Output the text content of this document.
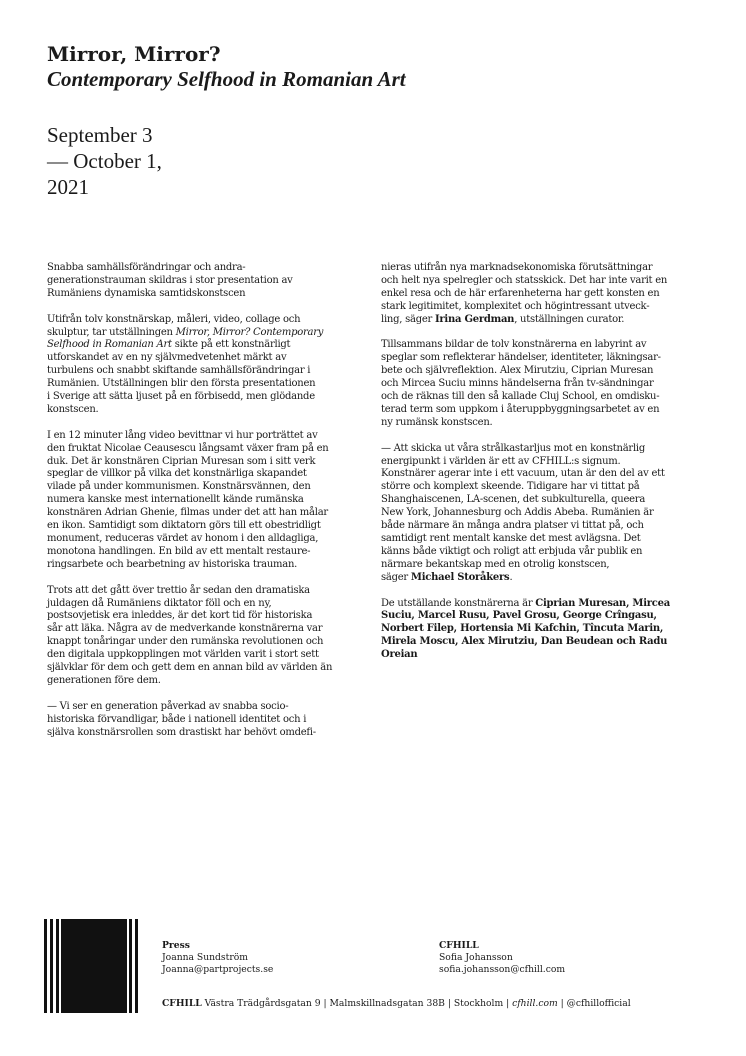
Mirror, Mirror?
Contemporary Selfhood in Romanian Art
September 3
— October 1,
2021

Snabba samhällsförändringar och andra-
generationstrauman skildras i stor presentation av
Rumäniens dynamiska samtidskonstscen

Utifrån tolv konstnärskap, måleri, video, collage och
skulptur, tar utställningen Mirror, Mirror? Contemporary
Selfhood in Romanian Art sikte på ett konstnärligt
utforskandet av en ny självmedvetenhet märkt av
turbulens och snabbt skiftande samhällsförändringar i
Rumänien. Utställningen blir den första presentationen
i Sverige att sätta ljuset på en förbisedd, men glödande
konstscen.

I en 12 minuter lång video bevittnar vi hur porträttet av
den fruktat Nicolae Ceausescu långsamt växer fram på en
duk. Det är konstnären Ciprian Muresan som i sitt verk
speglar de villkor på vilka det konstnärliga skapandet
vilade på under kommunismen. Konstnärsvännen, den
numera kanske mest internationellt kände rumänska
konstnären Adrian Ghenie, filmas under det att han målar
en ikon. Samtidigt som diktatorn görs till ett obestridligt
monument, reduceras värdet av honom i den alldagliga,
monotona handlingen. En bild av ett mentalt restaure-
ringsarbete och bearbetning av historiska trauman.

Trots att det gått över trettio år sedan den dramatiska
juldagen då Rumäniens diktator föll och en ny,
postsovjetisk era inleddes, är det kort tid för historiska
sår att läka. Några av de medverkande konstnärerna var
knappt tonåringar under den rumänska revolutionen och
den digitala uppkopplingen mot världen varit i stort sett
självklar för dem och gett dem en annan bild av världen än
generationen före dem.

— Vi ser en generation påverkad av snabba socio-
historiska förvandligar, både i nationell identitet och i
själva konstnärsrollen som drastiskt har behövt omdefi-

nieras utifrån nya marknadsekonomiska förutsättningar
och helt nya spelregler och statsskick. Det har inte varit en
enkel resa och de här erfarenheterna har gett konsten en
stark legitimitet, komplexitet och högintressant utveck-
ling, säger Irina Gerdman, utställningen curator.

Tillsammans bildar de tolv konstnärerna en labyrint av
speglar som reflekterar händelser, identiteter, läkningsar-
bete och självreflektion. Alex Mirutziu, Ciprian Muresan
och Mircea Suciu minns händelserna från tv-sändningar
och de räknas till den så kallade Cluj School, en omdisku-
terad term som uppkom i återuppbyggningsarbetet av en
ny rumänsk konstscen.

— Att skicka ut våra strålkastarljus mot en konstnärlig
energipunkt i världen är ett av CFHILL:s signum.
Konstnärer agerar inte i ett vacuum, utan är den del av ett
större och komplext skeende. Tidigare har vi tittat på
Shanghaiscenen, LA-scenen, det subkulturella, queera
New York, Johannesburg och Addis Abeba. Rumänien är
både närmare än många andra platser vi tittat på, och
samtidigt rent mentalt kanske det mest avlägsna. Det
känns både viktigt och roligt att erbjuda vår publik en
närmare bekantskap med en otrolig konstscen,
säger Michael Storåkers.

De utställande konstnärerna är Ciprian Muresan, Mircea
Suciu, Marcel Rusu, Pavel Grosu, George Crîngasu,
Norbert Filep, Hortensia Mi Kafchin, Tîncuta Marin,
Mirela Moscu, Alex Mirutziu, Dan Beudean och Radu
Oreian

Press
Joanna Sundström
Joanna@partprojects.se
CFHILL
Sofia Johansson
sofia.johansson@cfhill.com
CFHILL Västra Trädgårdsgatan 9 | Malmskillnadsgatan 38B | Stockholm | cfhill.com | @cfhillofficial
